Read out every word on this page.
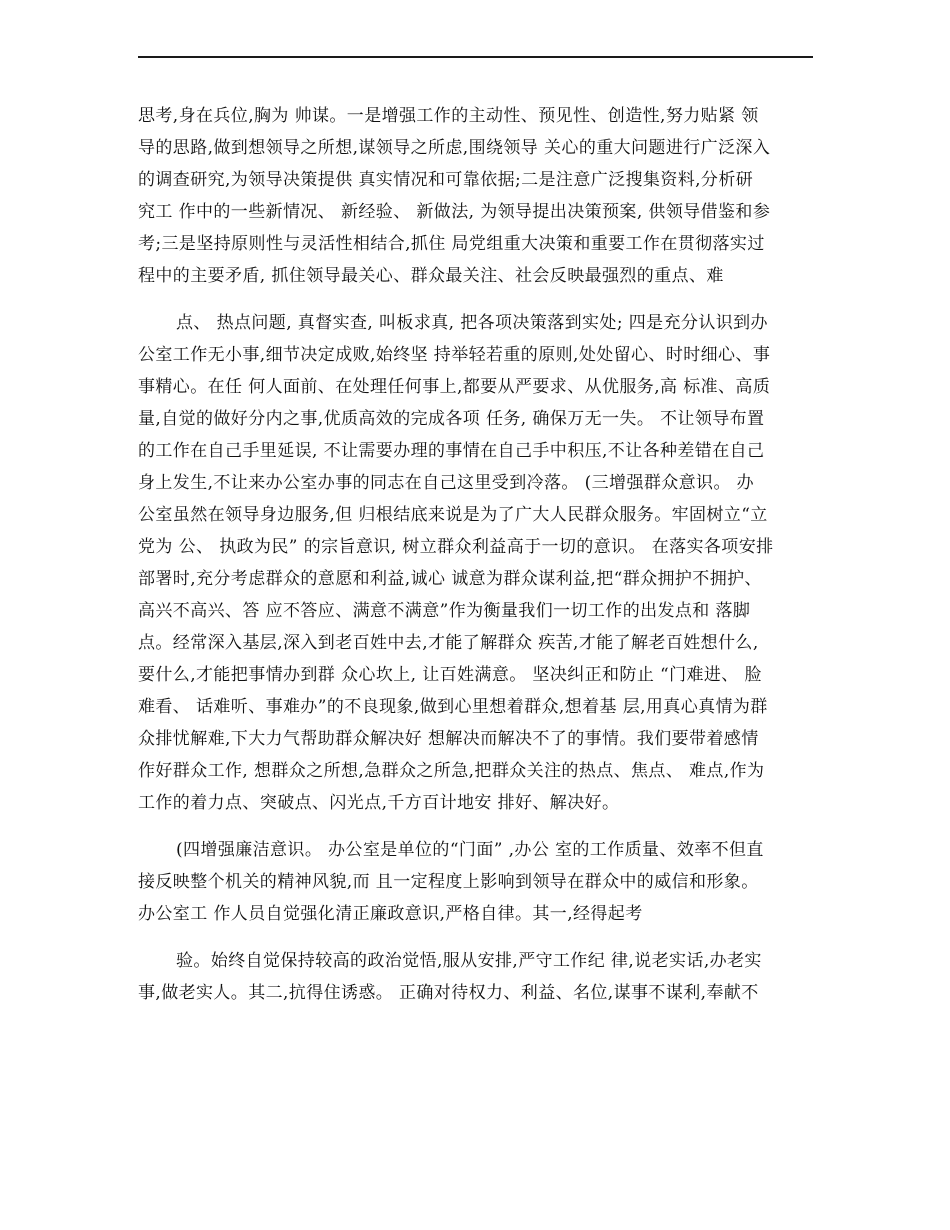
思考,身在兵位,胸为 帅谋。一是增强工作的主动性、预见性、创造性,努力贴紧 领
导的思路,做到想领导之所想,谋领导之所虑,围绕领导 关心的重大问题进行广泛深入
的调查研究,为领导决策提供 真实情况和可靠依据;二是注意广泛搜集资料,分析研
究工 作中的一些新情况、 新经验、 新做法, 为领导提出决策预案, 供领导借鉴和参
考;三是坚持原则性与灵活性相结合,抓住 局党组重大决策和重要工作在贯彻落实过
程中的主要矛盾, 抓住领导最关心、群众最关注、社会反映最强烈的重点、难
点、 热点问题, 真督实查, 叫板求真, 把各项决策落到实处; 四是充分认识到办
公室工作无小事,细节决定成败,始终坚 持举轻若重的原则,处处留心、时时细心、事
事精心。在任 何人面前、在处理任何事上,都要从严要求、从优服务,高 标准、高质
量,自觉的做好分内之事,优质高效的完成各项 任务, 确保万无一失。 不让领导布置
的工作在自己手里延误, 不让需要办理的事情在自己手中积压,不让各种差错在自己
身上发生,不让来办公室办事的同志在自己这里受到冷落。 (三增强群众意识。 办
公室虽然在领导身边服务,但 归根结底来说是为了广大人民群众服务。牢固树立“立
党为 公、 执政为民” 的宗旨意识, 树立群众利益高于一切的意识。 在落实各项安排
部署时,充分考虑群众的意愿和利益,诚心 诚意为群众谋利益,把“群众拥护不拥护、
高兴不高兴、答 应不答应、满意不满意”作为衡量我们一切工作的出发点和 落脚
点。经常深入基层,深入到老百姓中去,才能了解群众 疾苦,才能了解老百姓想什么,
要什么,才能把事情办到群 众心坎上, 让百姓满意。 坚决纠正和防止 “门难进、 脸
难看、 话难听、事难办”的不良现象,做到心里想着群众,想着基 层,用真心真情为群
众排忧解难,下大力气帮助群众解决好 想解决而解决不了的事情。我们要带着感情
作好群众工作, 想群众之所想,急群众之所急,把群众关注的热点、焦点、 难点,作为
工作的着力点、突破点、闪光点,千方百计地安 排好、解决好。
(四增强廉洁意识。 办公室是单位的“门面” ,办公 室的工作质量、效率不但直
接反映整个机关的精神风貌,而 且一定程度上影响到领导在群众中的威信和形象。
办公室工 作人员自觉强化清正廉政意识,严格自律。其一,经得起考
验。始终自觉保持较高的政治觉悟,服从安排,严守工作纪 律,说老实话,办老实
事,做老实人。其二,抗得住诱惑。 正确对待权力、利益、名位,谋事不谋利,奉献不
